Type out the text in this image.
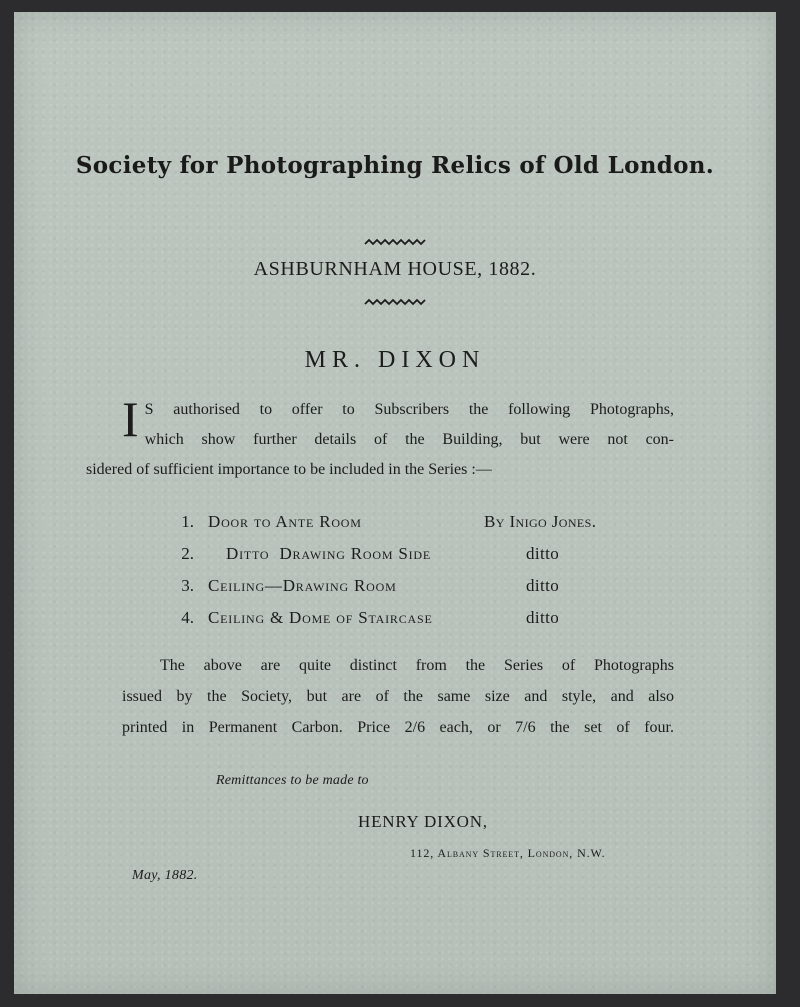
Society for Photographing Relics of Old London.
ASHBURNHAM HOUSE, 1882.
MR. DIXON
I S authorised to offer to Subscribers the following Photographs,
which show further details of the Building, but were not con-
sidered of sufficient importance to be included in the Series :—
1. Door to Ante Room	By Inigo Jones.
2. Ditto  Drawing Room Side	ditto
3. Ceiling—Drawing Room	ditto
4. Ceiling & Dome of Staircase	ditto
The above are quite distinct from the Series of Photographs
issued by the Society, but are of the same size and style, and also
printed in Permanent Carbon. Price 2/6 each, or 7/6 the set of four.
Remittances to be made to
HENRY DIXON,
112, Albany Street, London, N.W.
May, 1882.
